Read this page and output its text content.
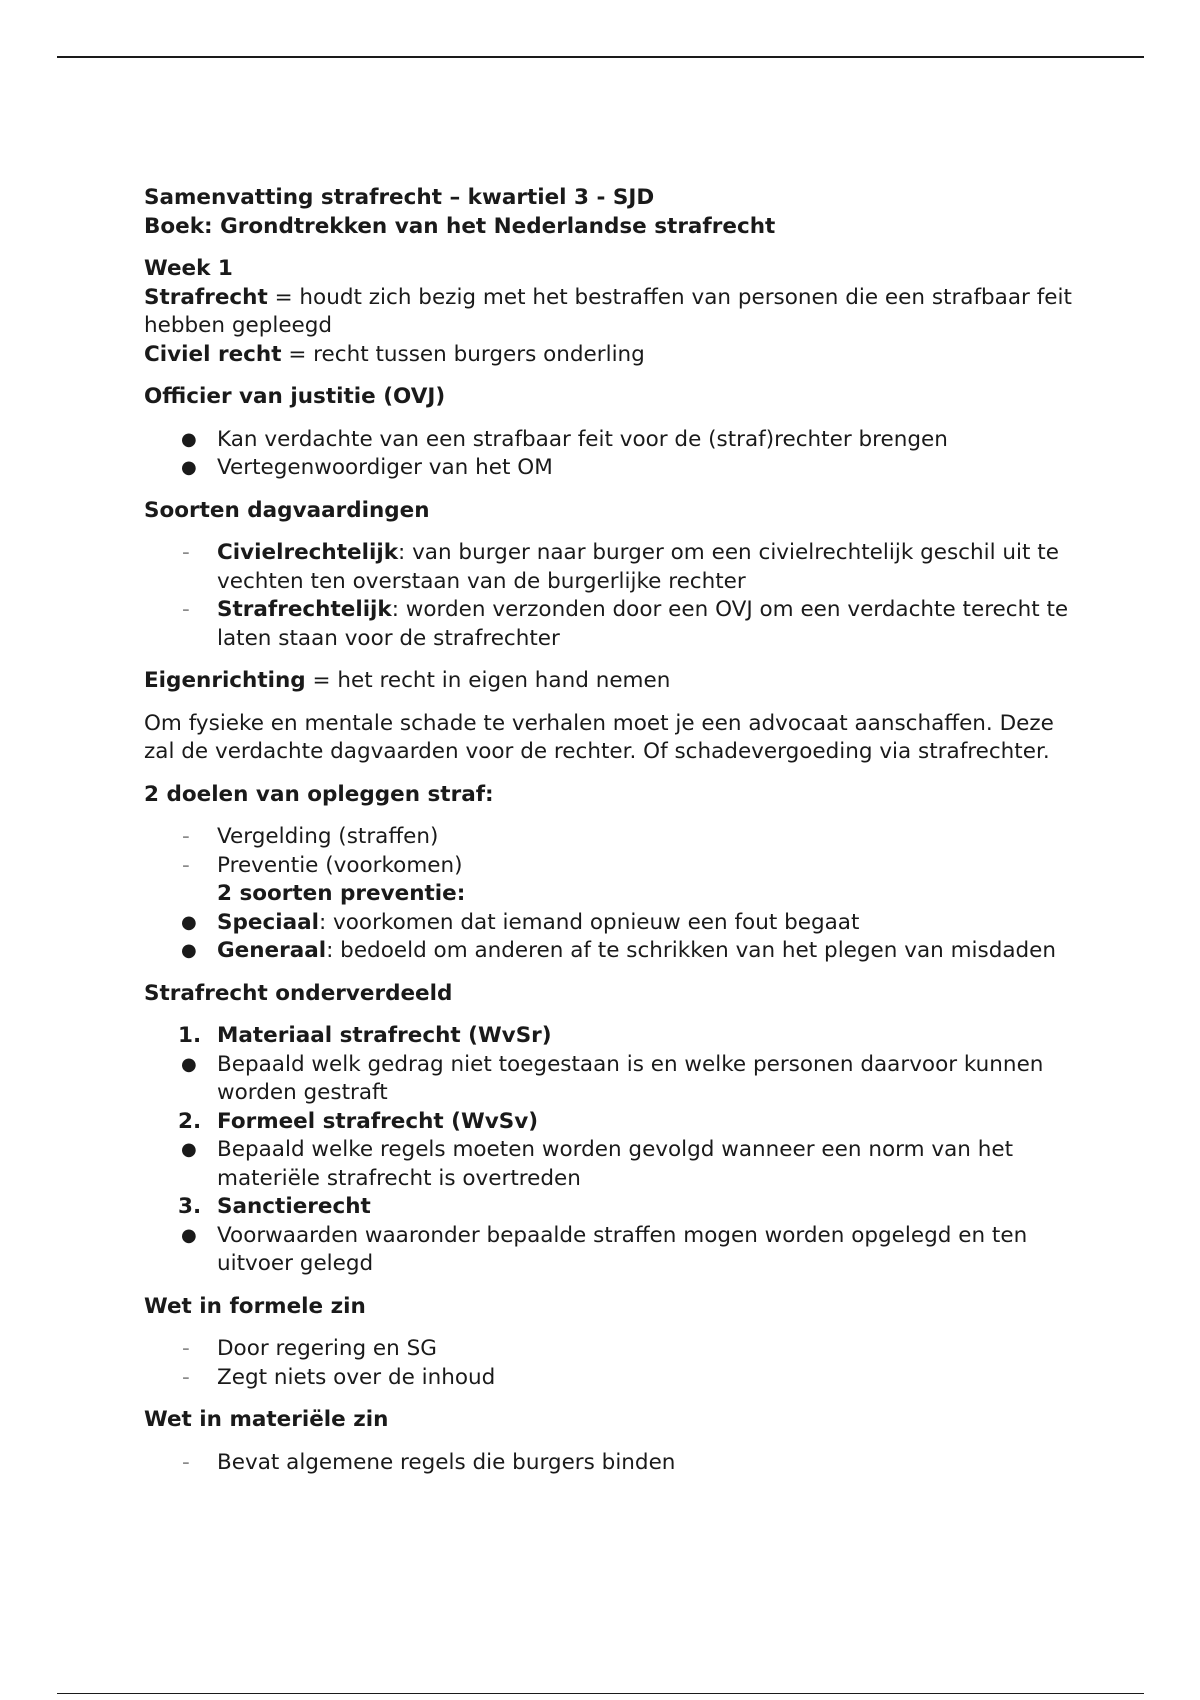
Samenvatting strafrecht – kwartiel 3 - SJD
Boek: Grondtrekken van het Nederlandse strafrecht
Week 1
Strafrecht = houdt zich bezig met het bestraffen van personen die een strafbaar feit hebben gepleegd
Civiel recht = recht tussen burgers onderling
Officier van justitie (OVJ)
● Kan verdachte van een strafbaar feit voor de (straf)rechter brengen
● Vertegenwoordiger van het OM
Soorten dagvaardingen
- Civielrechtelijk: van burger naar burger om een civielrechtelijk geschil uit te vechten ten overstaan van de burgerlijke rechter
- Strafrechtelijk: worden verzonden door een OVJ om een verdachte terecht te laten staan voor de strafrechter
Eigenrichting = het recht in eigen hand nemen
Om fysieke en mentale schade te verhalen moet je een advocaat aanschaffen. Deze zal de verdachte dagvaarden voor de rechter. Of schadevergoeding via strafrechter.
2 doelen van opleggen straf:
- Vergelding (straffen)
- Preventie (voorkomen)
2 soorten preventie:
● Speciaal: voorkomen dat iemand opnieuw een fout begaat
● Generaal: bedoeld om anderen af te schrikken van het plegen van misdaden
Strafrecht onderverdeeld
1. Materiaal strafrecht (WvSr)
● Bepaald welk gedrag niet toegestaan is en welke personen daarvoor kunnen worden gestraft
2. Formeel strafrecht (WvSv)
● Bepaald welke regels moeten worden gevolgd wanneer een norm van het materiële strafrecht is overtreden
3. Sanctierecht
● Voorwaarden waaronder bepaalde straffen mogen worden opgelegd en ten uitvoer gelegd
Wet in formele zin
- Door regering en SG
- Zegt niets over de inhoud
Wet in materiële zin
- Bevat algemene regels die burgers binden
